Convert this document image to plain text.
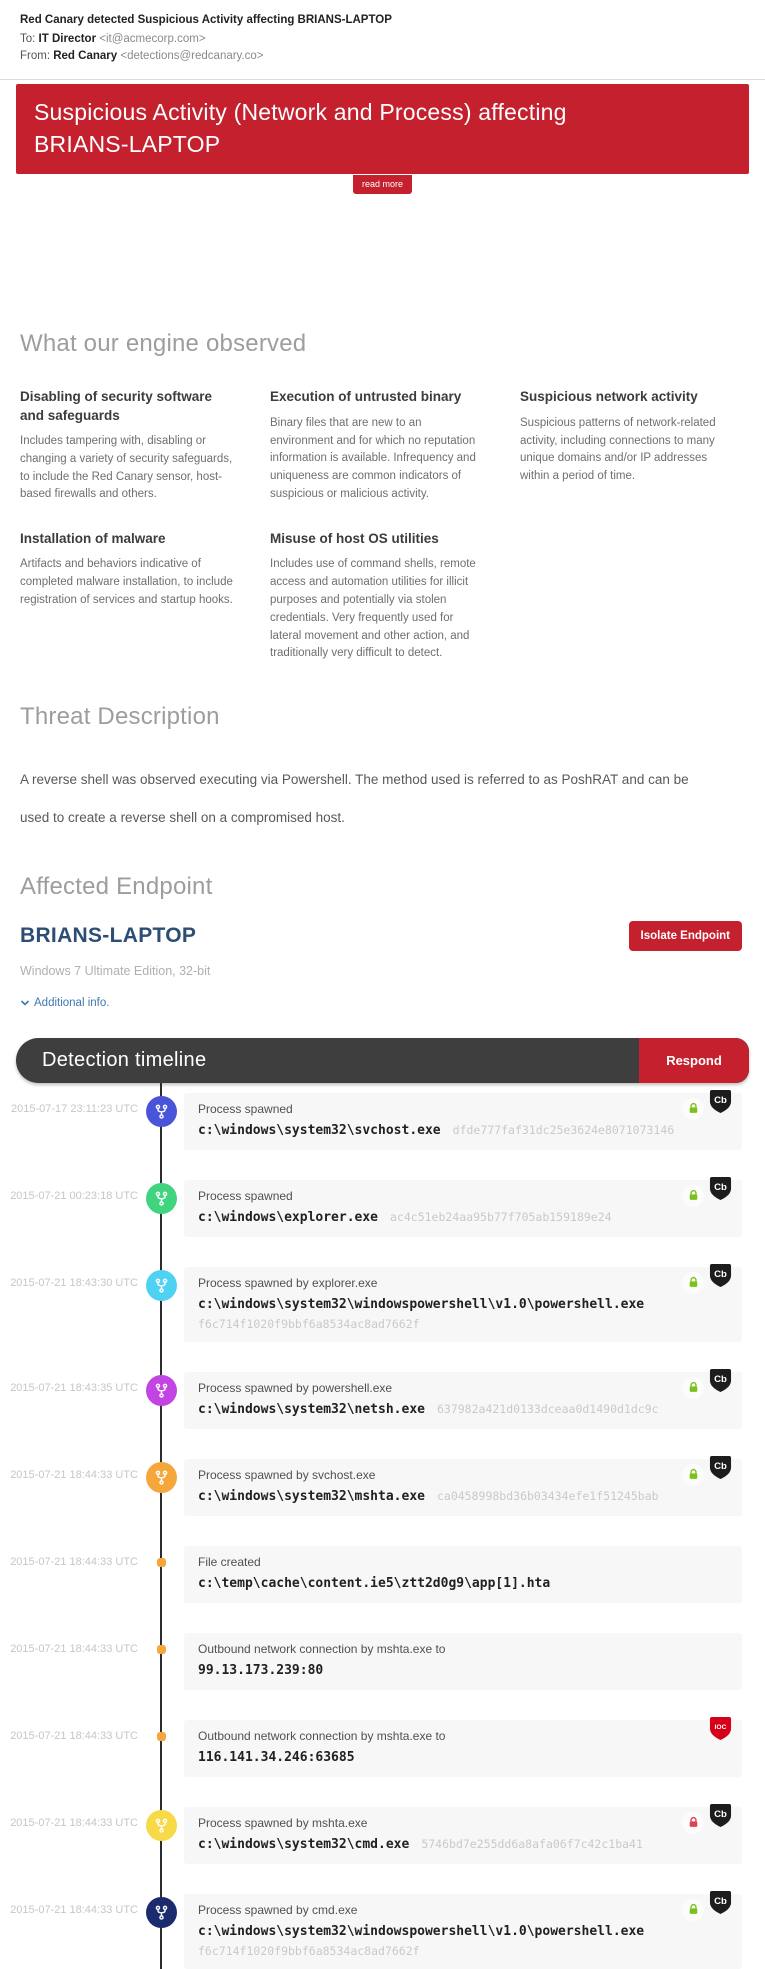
Red Canary detected Suspicious Activity affecting BRIANS-LAPTOP
To: IT Director <it@acmecorp.com>
From: Red Canary <detections@redcanary.co>
Suspicious Activity (Network and Process) affecting BRIANS-LAPTOP
read more
What our engine observed
Disabling of security software and safeguards
Includes tampering with, disabling or changing a variety of security safeguards, to include the Red Canary sensor, host-based firewalls and others.
Execution of untrusted binary
Binary files that are new to an environment and for which no reputation information is available. Infrequency and uniqueness are common indicators of suspicious or malicious activity.
Suspicious network activity
Suspicious patterns of network-related activity, including connections to many unique domains and/or IP addresses within a period of time.
Installation of malware
Artifacts and behaviors indicative of completed malware installation, to include registration of services and startup hooks.
Misuse of host OS utilities
Includes use of command shells, remote access and automation utilities for illicit purposes and potentially via stolen credentials. Very frequently used for lateral movement and other action, and traditionally very difficult to detect.
Threat Description
A reverse shell was observed executing via Powershell. The method used is referred to as PoshRAT and can be used to create a reverse shell on a compromised host.
Affected Endpoint
BRIANS-LAPTOP	Isolate Endpoint
Windows 7 Ultimate Edition, 32-bit
Additional info.
Detection timeline	Respond
2015-07-17 23:11:23 UTC
Cb
Process spawned
c:\windows\system32\svchost.exe dfde777faf31dc25e3624e8071073146
2015-07-21 00:23:18 UTC
Cb
Process spawned
c:\windows\explorer.exe ac4c51eb24aa95b77f705ab159189e24
2015-07-21 18:43:30 UTC
Cb
Process spawned by explorer.exe
c:\windows\system32\windowspowershell\v1.0\powershell.exe
f6c714f1020f9bbf6a8534ac8ad7662f
2015-07-21 18:43:35 UTC
Cb
Process spawned by powershell.exe
c:\windows\system32\netsh.exe 637982a421d0133dceaa0d1490d1dc9c
2015-07-21 18:44:33 UTC
Cb
Process spawned by svchost.exe
c:\windows\system32\mshta.exe ca0458998bd36b03434efe1f51245bab
2015-07-21 18:44:33 UTC	File created
c:\temp\cache\content.ie5\ztt2d0g9\app[1].hta
2015-07-21 18:44:33 UTC	Outbound network connection by mshta.exe to
99.13.173.239:80
2015-07-21 18:44:33 UTC
IOC
Outbound network connection by mshta.exe to
116.141.34.246:63685
2015-07-21 18:44:33 UTC
Cb
Process spawned by mshta.exe
c:\windows\system32\cmd.exe 5746bd7e255dd6a8afa06f7c42c1ba41
2015-07-21 18:44:33 UTC
Cb
Process spawned by cmd.exe
c:\windows\system32\windowspowershell\v1.0\powershell.exe
f6c714f1020f9bbf6a8534ac8ad7662f
